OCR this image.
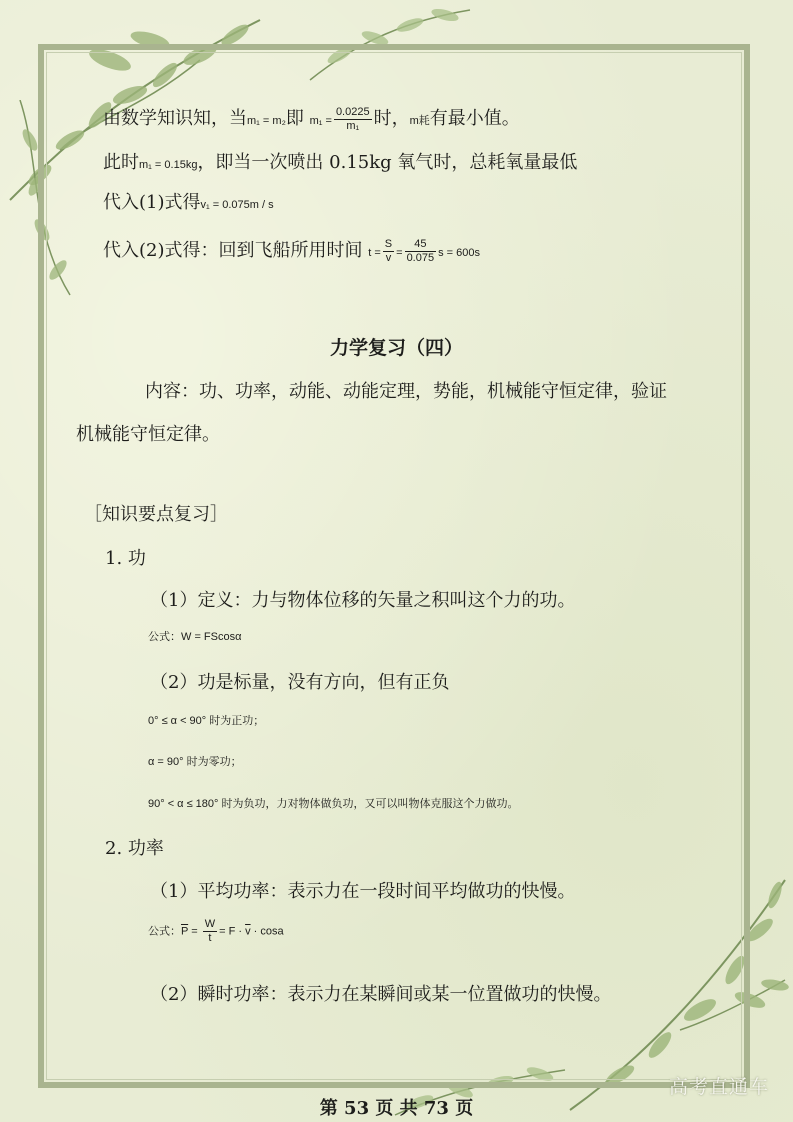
由数学知识知，当m₁ = m₂即 $m_1 = \frac{0.0225}{\text{m₁}}$ 时，m耗有最小值。
此时m₁ = 0.15kg，即当一次喷出 0.15kg 氧气时，总耗氧量最低
代入(1)式得v₁ = 0.075m / s
代入(2)式得：回到飞船所用时间 $t = \frac{S}{v} = \frac{45}{0.075}$ s = 600s
力学复习（四）
内容：功、功率，动能、动能定理，势能，机械能守恒定律，验证
机械能守恒定律。
［知识要点复习］
1. 功
（1）定义：力与物体位移的矢量之积叫这个力的功。
公式：W = FScosα
（2）功是标量，没有方向，但有正负
0° ≤ α < 90° 时为正功；
α = 90° 时为零功；
90° < α ≤ 180° 时为负功，力对物体做负功，又可以叫物体克服这个力做功。
2. 功率
（1）平均功率：表示力在一段时间平均做功的快慢。
公式：$\overline{P} = \frac{W}{t} = F \cdot \overline{v} \cdot \cos a$
（2）瞬时功率：表示力在某瞬间或某一位置做功的快慢。
第 53 页 共 73 页
高考直通车
